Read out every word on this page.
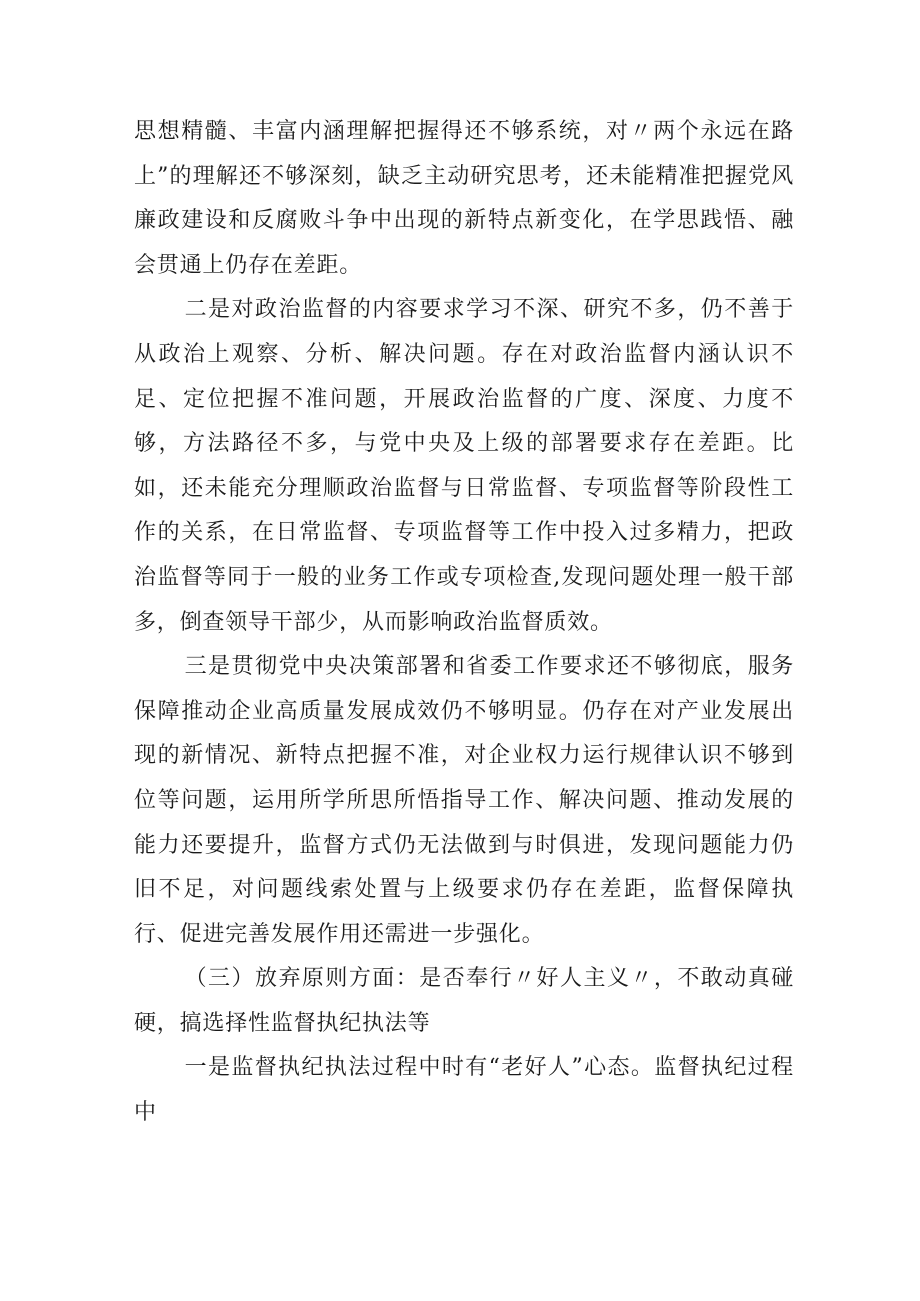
思想精髓、丰富内涵理解把握得还不够系统，对〃两个永远在路上”的理解还不够深刻，缺乏主动研究思考，还未能精准把握党风廉政建设和反腐败斗争中出现的新特点新变化，在学思践悟、融会贯通上仍存在差距。

二是对政治监督的内容要求学习不深、研究不多，仍不善于从政治上观察、分析、解决问题。存在对政治监督内涵认识不足、定位把握不准问题，开展政治监督的广度、深度、力度不够，方法路径不多，与党中央及上级的部署要求存在差距。比如，还未能充分理顺政治监督与日常监督、专项监督等阶段性工作的关系，在日常监督、专项监督等工作中投入过多精力，把政治监督等同于一般的业务工作或专项检查,发现问题处理一般干部多，倒查领导干部少，从而影响政治监督质效。

三是贯彻党中央决策部署和省委工作要求还不够彻底，服务保障推动企业高质量发展成效仍不够明显。仍存在对产业发展出现的新情况、新特点把握不准，对企业权力运行规律认识不够到位等问题，运用所学所思所悟指导工作、解决问题、推动发展的能力还要提升，监督方式仍无法做到与时俱进，发现问题能力仍旧不足，对问题线索处置与上级要求仍存在差距，监督保障执行、促进完善发展作用还需进一步强化。

（三）放弃原则方面：是否奉行〃好人主义〃，不敢动真碰硬，搞选择性监督执纪执法等

一是监督执纪执法过程中时有“老好人”心态。监督执纪过程中
